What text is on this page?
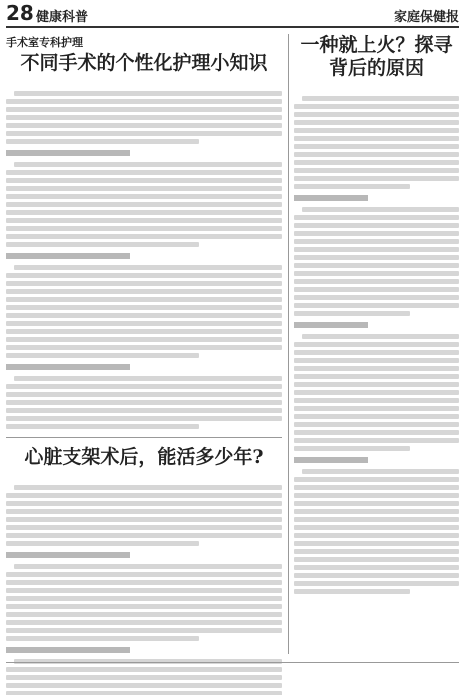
28 健康科普	家庭保健报
手术室专科护理
不同手术的个性化护理小知识
心脏支架术后，能活多少年?
一种就上火？探寻背后的原因
